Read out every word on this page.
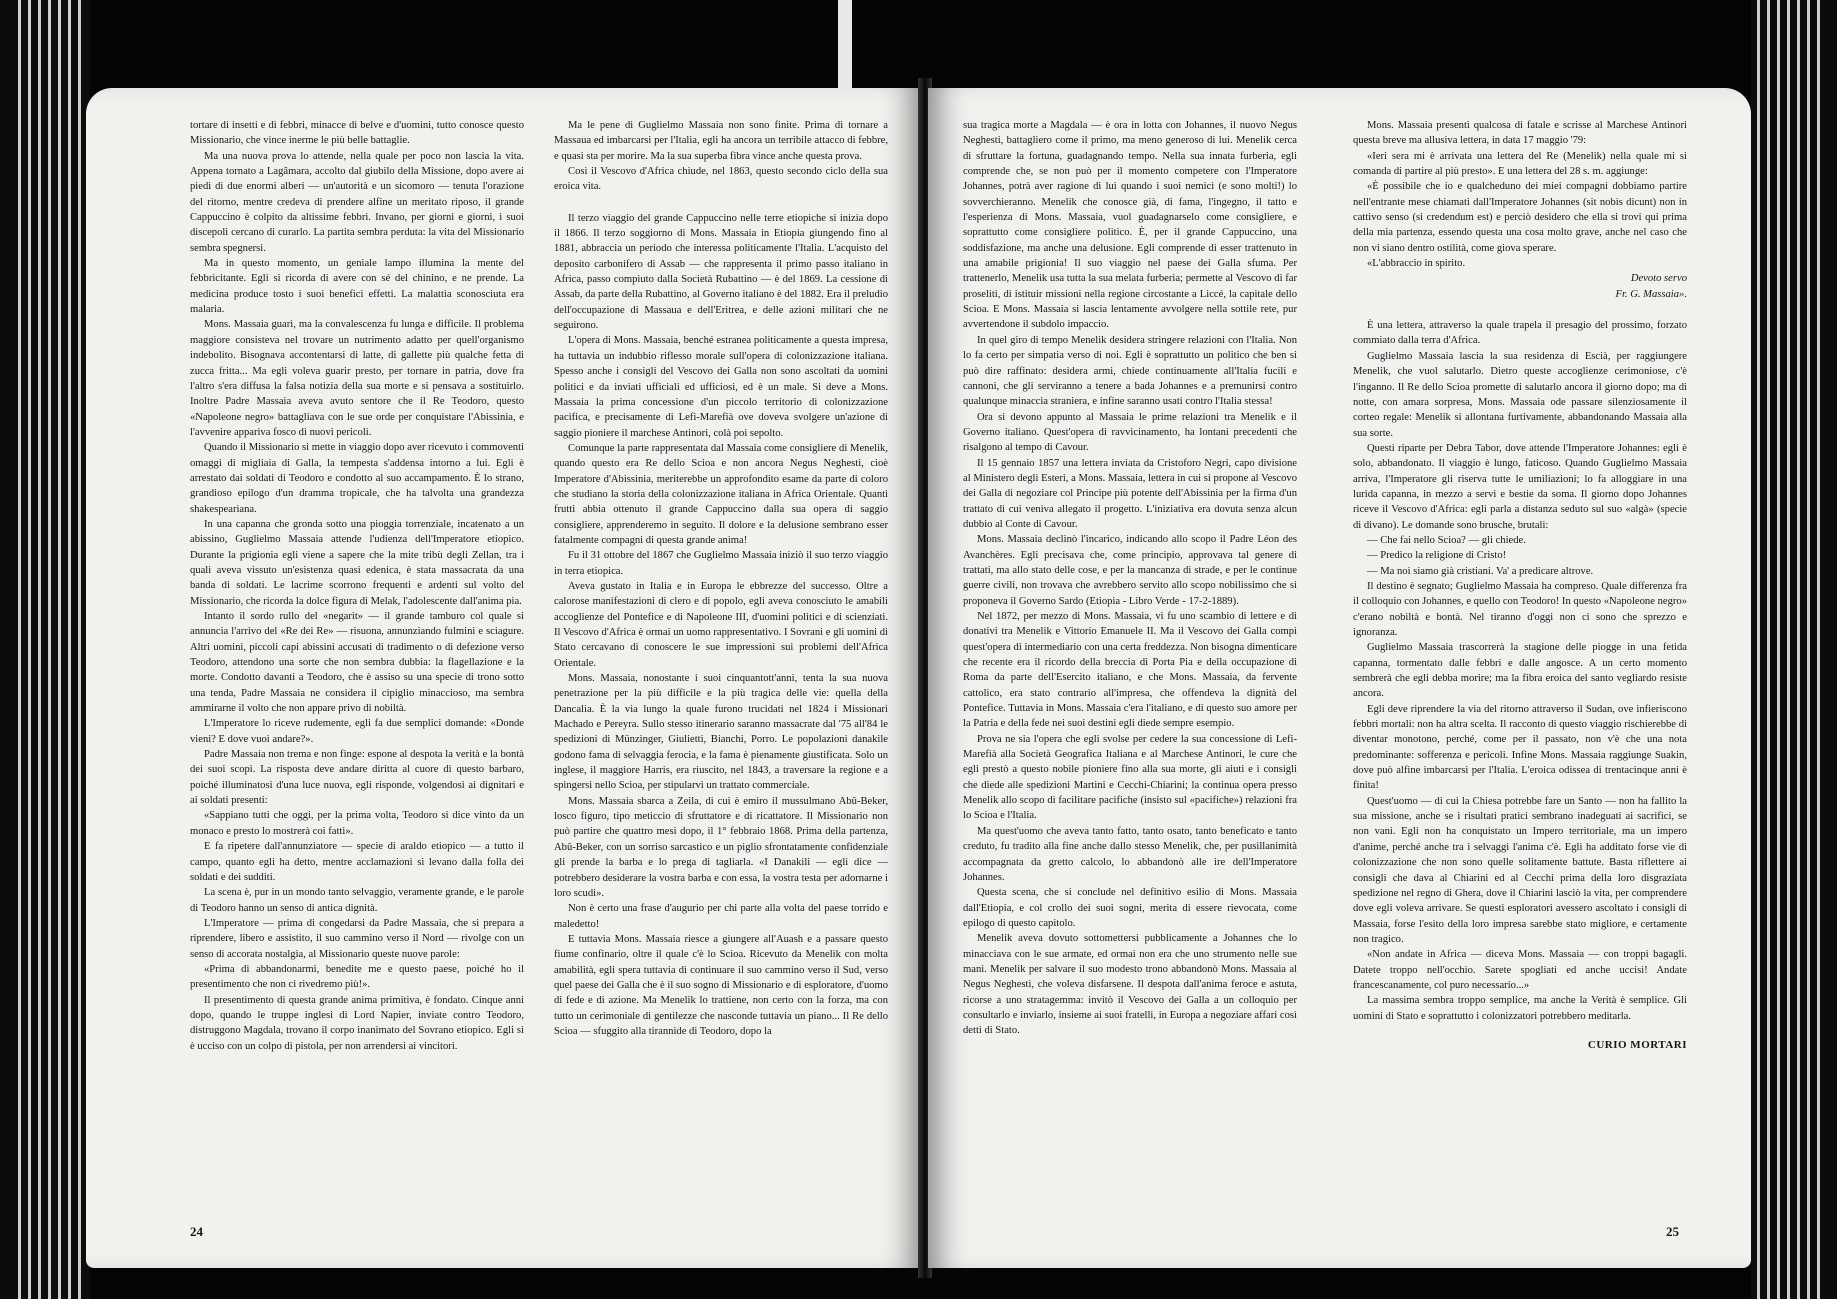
tortare di insetti e di febbri, minacce di belve e d'uomini, tutto conosce questo Missionario, che vince inerme le più belle battaglie.

Ma una nuova prova lo attende, nella quale per poco non lascia la vita. Appena tornato a Lagâmara, accolto dal giubilo della Missione, dopo avere ai piedi di due enormi alberi — un'autorità e un sicomoro — tenuta l'orazione del ritorno, mentre credeva di prendere alfine un meritato riposo, il grande Cappuccino è colpito da altissime febbri. Invano, per giorni e giorni, i suoi discepoli cercano di curarlo. La partita sembra perduta: la vita del Missionario sembra spegnersi.

Ma in questo momento, un geniale lampo illumina la mente del febbricitante. Egli si ricorda di avere con sé del chinino, e ne prende. La medicina produce tosto i suoi benefici effetti. La malattia sconosciuta era malaria.

Mons. Massaia guarì, ma la convalescenza fu lunga e difficile. Il problema maggiore consisteva nel trovare un nutrimento adatto per quell'organismo indebolito. Bisognava accontentarsi di latte, di gallette più qualche fetta di zucca fritta... Ma egli voleva guarir presto, per tornare in patria, dove fra l'altro s'era diffusa la falsa notizia della sua morte e si pensava a sostituirlo. Inoltre Padre Massaia aveva avuto sentore che il Re Teodoro, questo «Napoleone negro» battagliava con le sue orde per conquistare l'Abissinia, e l'avvenire appariva fosco di nuovi pericoli.

Quando il Missionario si mette in viaggio dopo aver ricevuto i commoventi omaggi di migliaia di Galla, la tempesta s'addensa intorno a lui. Egli è arrestato dai soldati di Teodoro e condotto al suo accampamento. È lo strano, grandioso epilogo d'un dramma tropicale, che ha talvolta una grandezza shakespeariana.

In una capanna che gronda sotto una pioggia torrenziale, incatenato a un abissino, Guglielmo Massaia attende l'udienza dell'Imperatore etiopico. Durante la prigionia egli viene a sapere che la mite tribù degli Zellan, tra i quali aveva vissuto un'esistenza quasi edenica, è stata massacrata da una banda di soldati. Le lacrime scorrono frequenti e ardenti sul volto del Missionario, che ricorda la dolce figura di Melak, l'adolescente dall'anima pia.

Intanto il sordo rullo del «negarit» — il grande tamburo col quale si annuncia l'arrivo del «Re dei Re» — risuona, annunziando fulmini e sciagure. Altri uomini, piccoli capi abissini accusati di tradimento o di defezione verso Teodoro, attendono una sorte che non sembra dubbia: la flagellazione e la morte. Condotto davanti a Teodoro, che è assiso su una specie di trono sotto una tenda, Padre Massaia ne considera il cipiglio minaccioso, ma sembra ammirarne il volto che non appare privo di nobiltà.

L'Imperatore lo riceve rudemente, egli fa due semplici domande: «Donde vieni? E dove vuoi andare?».

Padre Massaia non trema e non finge: espone al despota la verità e la bontà dei suoi scopi. La risposta deve andare diritta al cuore di questo barbaro, poiché illuminatosi d'una luce nuova, egli risponde, volgendosi ai dignitari e ai soldati presenti:

«Sappiano tutti che oggi, per la prima volta, Teodoro si dice vinto da un monaco e presto lo mostrerà coi fatti».

E fa ripetere dall'annunziatore — specie di araldo etiopico — a tutto il campo, quanto egli ha detto, mentre acclamazioni si levano dalla folla dei soldati e dei sudditi.

La scena è, pur in un mondo tanto selvaggio, veramente grande, e le parole di Teodoro hanno un senso di antica dignità.

L'Imperatore — prima di congedarsi da Padre Massaia, che si prepara a riprendere, libero e assistito, il suo cammino verso il Nord — rivolge con un senso di accorata nostalgia, al Missionario queste nuove parole:

«Prima di abbandonarmi, benedite me e questo paese, poiché ho il presentimento che non ci rivedremo più!».

Il presentimento di questa grande anima primitiva, è fondato. Cinque anni dopo, quando le truppe inglesi di Lord Napier, inviate contro Teodoro, distruggono Magdala, trovano il corpo inanimato del Sovrano etiopico. Egli si è ucciso con un colpo di pistola, per non arrendersi ai vincitori.

Ma le pene di Guglielmo Massaia non sono finite. Prima di tornare a Massaua ed imbarcarsi per l'Italia, egli ha ancora un terribile attacco di febbre, e quasi sta per morire. Ma la sua superba fibra vince anche questa prova.

Così il Vescovo d'Africa chiude, nel 1863, questo secondo ciclo della sua eroica vita.

Il terzo viaggio del grande Cappuccino nelle terre etiopiche si inizia dopo il 1866. Il terzo soggiorno di Mons. Massaia in Etiopia giungendo fino al 1881, abbraccia un periodo che interessa politicamente l'Italia. L'acquisto del deposito carbonifero di Assab — che rappresenta il primo passo italiano in Africa, passo compiuto dalla Società Rubattino — è del 1869. La cessione di Assab, da parte della Rubattino, al Governo italiano è del 1882. Era il preludio dell'occupazione di Massaua e dell'Eritrea, e delle azioni militari che ne seguirono.

L'opera di Mons. Massaia, benché estranea politicamente a questa impresa, ha tuttavia un indubbio riflesso morale sull'opera di colonizzazione italiana. Spesso anche i consigli del Vescovo dei Galla non sono ascoltati da uomini politici e da inviati ufficiali ed ufficiosi, ed è un male. Si deve a Mons. Massaia la prima concessione d'un piccolo territorio di colonizzazione pacifica, e precisamente di Lefi-Marefià ove doveva svolgere un'azione di saggio pioniere il marchese Antinori, colà poi sepolto.

Comunque la parte rappresentata dal Massaia come consigliere di Menelik, quando questo era Re dello Scioa e non ancora Negus Neghesti, cioè Imperatore d'Abissinia, meriterebbe un approfondito esame da parte di coloro che studiano la storia della colonizzazione italiana in Africa Orientale. Quanti frutti abbia ottenuto il grande Cappuccino dalla sua opera di saggio consigliere, apprenderemo in seguito. Il dolore e la delusione sembrano esser fatalmente compagni di questa grande anima!

Fu il 31 ottobre del 1867 che Guglielmo Massaia iniziò il suo terzo viaggio in terra etiopica.

Aveva gustato in Italia e in Europa le ebbrezze del successo. Oltre a calorose manifestazioni di clero e di popolo, egli aveva conosciuto le amabili accoglienze del Pontefice e di Napoleone III, d'uomini politici e di scienziati. Il Vescovo d'Africa è ormai un uomo rappresentativo. I Sovrani e gli uomini di Stato cercavano di conoscere le sue impressioni sui problemi dell'Africa Orientale.

Mons. Massaia, nonostante i suoi cinquantott'anni, tenta la sua nuova penetrazione per la più difficile e la più tragica delle vie: quella della Dancalia. È la via lungo la quale furono trucidati nel 1824 i Missionari Machado e Pereyra. Sullo stesso itinerario saranno massacrate dal '75 all'84 le spedizioni di Münzinger, Giulietti, Bianchi, Porro. Le popolazioni danakile godono fama di selvaggia ferocia, e la fama è pienamente giustificata. Solo un inglese, il maggiore Harris, era riuscito, nel 1843, a traversare la regione e a spingersi nello Scioa, per stipularvi un trattato commerciale.

Mons. Massaia sbarca a Zeila, di cui è emiro il mussulmano Abû-Beker, losco figuro, tipo meticcio di sfruttatore e di ricattatore. Il Missionario non può partire che quattro mesi dopo, il 1° febbraio 1868. Prima della partenza, Abû-Beker, con un sorriso sarcastico e un piglio sfrontatamente confidenziale gli prende la barba e lo prega di tagliarla. «I Danakili — egli dice — potrebbero desiderare la vostra barba e con essa, la vostra testa per adornarne i loro scudi».

Non è certo una frase d'augurio per chi parte alla volta del paese torrido e maledetto!

E tuttavia Mons. Massaia riesce a giungere all'Auash e a passare questo fiume confinario, oltre il quale c'è lo Scioa. Ricevuto da Menelik con molta amabilità, egli spera tuttavia di continuare il suo cammino verso il Sud, verso quel paese dei Galla che è il suo sogno di Missionario e di esploratore, d'uomo di fede e di azione. Ma Menelik lo trattiene, non certo con la forza, ma con tutto un cerimoniale di gentilezze che nasconde tuttavia un piano... Il Re dello Scioa — sfuggito alla tirannide di Teodoro, dopo la

24

sua tragica morte a Magdala — è ora in lotta con Johannes, il nuovo Negus Neghesti, battagliero come il primo, ma meno generoso di lui. Menelik cerca di sfruttare la fortuna, guadagnando tempo. Nella sua innata furberia, egli comprende che, se non può per il momento competere con l'Imperatore Johannes, potrà aver ragione di lui quando i suoi nemici (e sono molti!) lo sovverchieranno. Menelik che conosce già, di fama, l'ingegno, il tatto e l'esperienza di Mons. Massaia, vuol guadagnarselo come consigliere, e soprattutto come consigliere politico. È, per il grande Cappuccino, una soddisfazione, ma anche una delusione. Egli comprende di esser trattenuto in una amabile prigionia! Il suo viaggio nel paese dei Galla sfuma. Per trattenerlo, Menelik usa tutta la sua melata furberia; permette al Vescovo di far proseliti, di istituir missioni nella regione circostante a Liccé, la capitale dello Scioa. E Mons. Massaia si lascia lentamente avvolgere nella sottile rete, pur avvertendone il subdolo impaccio.

In quel giro di tempo Menelik desidera stringere relazioni con l'Italia. Non lo fa certo per simpatia verso di noi. Egli è soprattutto un politico che ben si può dire raffinato: desidera armi, chiede continuamente all'Italia fucili e cannoni, che gli serviranno a tenere a bada Johannes e a premunirsi contro qualunque minaccia straniera, e infine saranno usati contro l'Italia stessa!

Ora si devono appunto al Massaia le prime relazioni tra Menelik e il Governo italiano. Quest'opera di ravvicinamento, ha lontani precedenti che risalgono al tempo di Cavour.

Il 15 gennaio 1857 una lettera inviata da Cristoforo Negri, capo divisione al Ministero degli Esteri, a Mons. Massaia, lettera in cui si propone al Vescovo dei Galla di negoziare col Principe più potente dell'Abissinia per la firma d'un trattato di cui veniva allegato il progetto. L'iniziativa era dovuta senza alcun dubbio al Conte di Cavour.

Mons. Massaia declinò l'incarico, indicando allo scopo il Padre Léon des Avanchères. Egli precisava che, come principio, approvava tal genere di trattati, ma allo stato delle cose, e per la mancanza di strade, e per le continue guerre civili, non trovava che avrebbero servito allo scopo nobilissimo che si proponeva il Governo Sardo (Etiopia - Libro Verde - 17-2-1889).

Nel 1872, per mezzo di Mons. Massaia, vi fu uno scambio di lettere e di donativi tra Menelik e Vittorio Emanuele II. Ma il Vescovo dei Galla compì quest'opera di intermediario con una certa freddezza. Non bisogna dimenticare che recente era il ricordo della breccia di Porta Pia e della occupazione di Roma da parte dell'Esercito italiano, e che Mons. Massaia, da fervente cattolico, era stato contrario all'impresa, che offendeva la dignità del Pontefice. Tuttavia in Mons. Massaia c'era l'italiano, e di questo suo amore per la Patria e della fede nei suoi destini egli diede sempre esempio.

Prova ne sia l'opera che egli svolse per cedere la sua concessione di Lefi-Marefià alla Società Geografica Italiana e al Marchese Antinori, le cure che egli prestò a questo nobile pioniere fino alla sua morte, gli aiuti e i consigli che diede alle spedizioni Martini e Cecchi-Chiarini; la continua opera presso Menelik allo scopo di facilitare pacifiche (insisto sul «pacifiche») relazioni fra lo Scioa e l'Italia.

Ma quest'uomo che aveva tanto fatto, tanto osato, tanto beneficato e tanto creduto, fu tradito alla fine anche dallo stesso Menelik, che, per pusillanimità accompagnata da gretto calcolo, lo abbandonò alle ire dell'Imperatore Johannes.

Questa scena, che si conclude nel definitivo esilio di Mons. Massaia dall'Etiopia, e col crollo dei suoi sogni, merita di essere rievocata, come epilogo di questo capitolo.

Menelik aveva dovuto sottomettersi pubblicamente a Johannes che lo minacciava con le sue armate, ed ormai non era che uno strumento nelle sue mani. Menelik per salvare il suo modesto trono abbandonò Mons. Massaia al Negus Neghesti, che voleva disfarsene. Il despota dall'anima feroce e astuta, ricorse a uno stratagemma: invitò il Vescovo dei Galla a un colloquio per consultarlo e inviarlo, insieme ai suoi fratelli, in Europa a negoziare affari così detti di Stato.

Mons. Massaia presentì qualcosa di fatale e scrisse al Marchese Antinori questa breve ma allusiva lettera, in data 17 maggio '79:

«Ieri sera mi è arrivata una lettera del Re (Menelik) nella quale mi si comanda di partire al più presto». E una lettera del 28 s. m. aggiunge:

«È possibile che io e qualcheduno dei miei compagni dobbiamo partire nell'entrante mese chiamati dall'Imperatore Johannes (sit nobis dicunt) non in cattivo senso (si credendum est) e perciò desidero che ella si trovi qui prima della mia partenza, essendo questa una cosa molto grave, anche nel caso che non vi siano dentro ostilità, come giova sperare.

«L'abbraccio in spirito.

Devoto servo

Fr. G. Massaia».

È una lettera, attraverso la quale trapela il presagio del prossimo, forzato commiato dalla terra d'Africa.

Guglielmo Massaia lascia la sua residenza di Escià, per raggiungere Menelik, che vuol salutarlo. Dietro queste accoglienze cerimoniose, c'è l'inganno. Il Re dello Scioa promette di salutarlo ancora il giorno dopo; ma di notte, con amara sorpresa, Mons. Massaia ode passare silenziosamente il corteo regale: Menelik si allontana furtivamente, abbandonando Massaia alla sua sorte.

Questi riparte per Debra Tabor, dove attende l'Imperatore Johannes: egli è solo, abbandonato. Il viaggio è lungo, faticoso. Quando Guglielmo Massaia arriva, l'Imperatore gli riserva tutte le umiliazioni; lo fa alloggiare in una lurida capanna, in mezzo a servi e bestie da soma. Il giorno dopo Johannes riceve il Vescovo d'Africa: egli parla a distanza seduto sul suo «algà» (specie di divano). Le domande sono brusche, brutali:

— Che fai nello Scioa? — gli chiede.

— Predico la religione di Cristo!

— Ma noi siamo già cristiani. Va' a predicare altrove.

Il destino è segnato; Guglielmo Massaia ha compreso. Quale differenza fra il colloquio con Johannes, e quello con Teodoro! In questo «Napoleone negro» c'erano nobiltà e bontà. Nel tiranno d'oggi non ci sono che sprezzo e ignoranza.

Guglielmo Massaia trascorrerà la stagione delle piogge in una fetida capanna, tormentato dalle febbri e dalle angosce. A un certo momento sembrerà che egli debba morire; ma la fibra eroica del santo vegliardo resiste ancora.

Egli deve riprendere la via del ritorno attraverso il Sudan, ove infieriscono febbri mortali: non ha altra scelta. Il racconto di questo viaggio rischierebbe di diventar monotono, perché, come per il passato, non v'è che una nota predominante: sofferenza e pericoli. Infine Mons. Massaia raggiunge Suakin, dove può alfine imbarcarsi per l'Italia. L'eroica odissea di trentacinque anni è finita!

Quest'uomo — di cui la Chiesa potrebbe fare un Santo — non ha fallito la sua missione, anche se i risultati pratici sembrano inadeguati ai sacrifici, se non vani. Egli non ha conquistato un Impero territoriale, ma un impero d'anime, perché anche tra i selvaggi l'anima c'è. Egli ha additato forse vie di colonizzazione che non sono quelle solitamente battute. Basta riflettere ai consigli che dava al Chiarini ed al Cecchi prima della loro disgraziata spedizione nel regno di Ghera, dove il Chiarini lasciò la vita, per comprendere dove egli voleva arrivare. Se questi esploratori avessero ascoltato i consigli di Massaia, forse l'esito della loro impresa sarebbe stato migliore, e certamente non tragico.

«Non andate in Africa — diceva Mons. Massaia — con troppi bagagli. Datete troppo nell'occhio. Sarete spogliati ed anche uccisi! Andate francescanamente, col puro necessario...»

La massima sembra troppo semplice, ma anche la Verità è semplice. Gli uomini di Stato e soprattutto i colonizzatori potrebbero meditarla.

CURIO MORTARI

25
